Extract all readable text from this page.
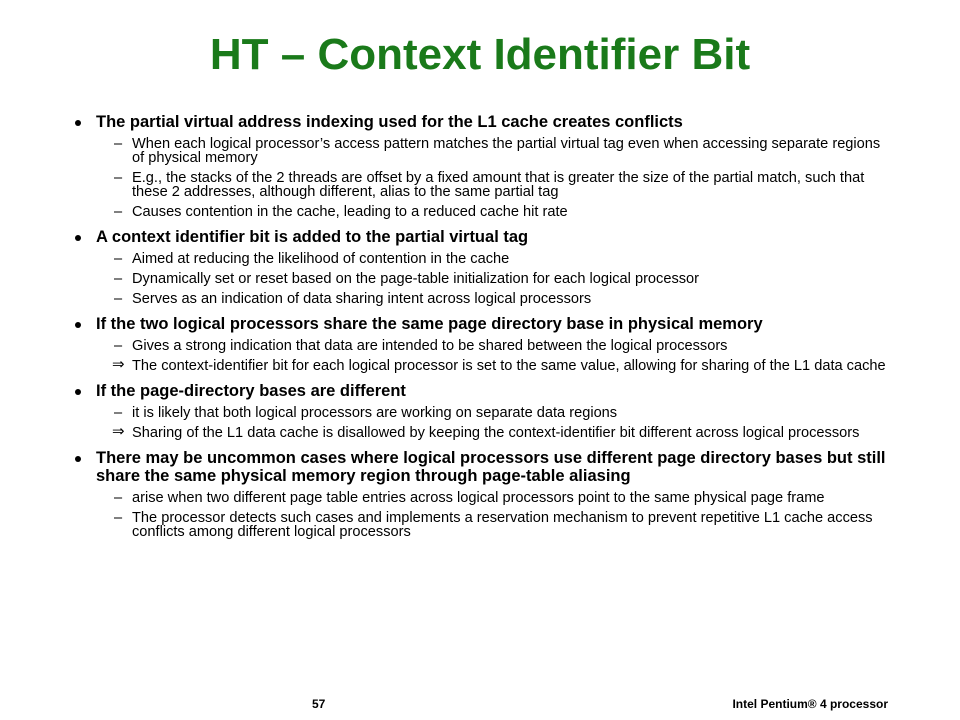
HT – Context Identifier Bit
The partial virtual address indexing used for the L1 cache creates conflicts
– When each logical processor’s access pattern matches the partial virtual tag even when accessing separate regions of physical memory
– E.g., the stacks of the 2 threads are offset by a fixed amount that is greater the size of the partial match, such that these 2 addresses, although different, alias to the same partial tag
– Causes contention in the cache, leading to a reduced cache hit rate
A context identifier bit is added to the partial virtual tag
– Aimed at reducing the likelihood of contention in the cache
– Dynamically set or reset based on the page-table initialization for each logical processor
– Serves as an indication of data sharing intent across logical processors
If the two logical processors share the same page directory base in physical memory
– Gives a strong indication that data are intended to be shared between the logical processors
⇒ The context-identifier bit for each logical processor is set to the same value, allowing for sharing of the L1 data cache
If the page-directory bases are different
– it is likely that both logical processors are working on separate data regions
⇒ Sharing of the L1 data cache is disallowed by keeping the context-identifier bit different across logical processors
There may be uncommon cases where logical processors use different page directory bases but still share the same physical memory region through page-table aliasing
– arise when two different page table entries across logical processors point to the same physical page frame
– The processor detects such cases and implements a reservation mechanism to prevent repetitive L1 cache access conflicts among different logical processors
57	Intel Pentium® 4 processor
